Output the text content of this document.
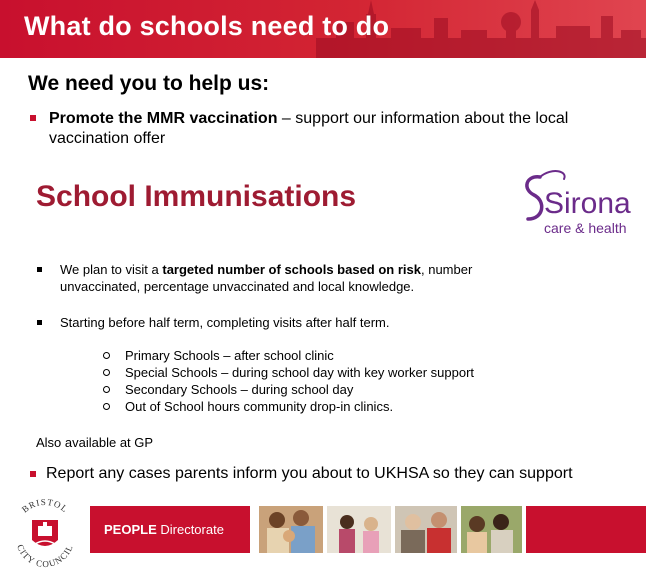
What do schools need to do
We need you to help us:
Promote the MMR vaccination – support our information about the local vaccination offer
School Immunisations	Sirona
care & health
We plan to visit a targeted number of schools based on risk, number unvaccinated, percentage unvaccinated and local knowledge.
Starting before half term, completing visits after half term.
Primary Schools – after school clinic
Special Schools – during school day with key worker support
Secondary Schools – during school day
Out of School hours community drop-in clinics.
Also available at GP
Report any cases parents inform you about to UKHSA so they can support
BRISTOL
CITY COUNCIL
PEOPLE Directorate
